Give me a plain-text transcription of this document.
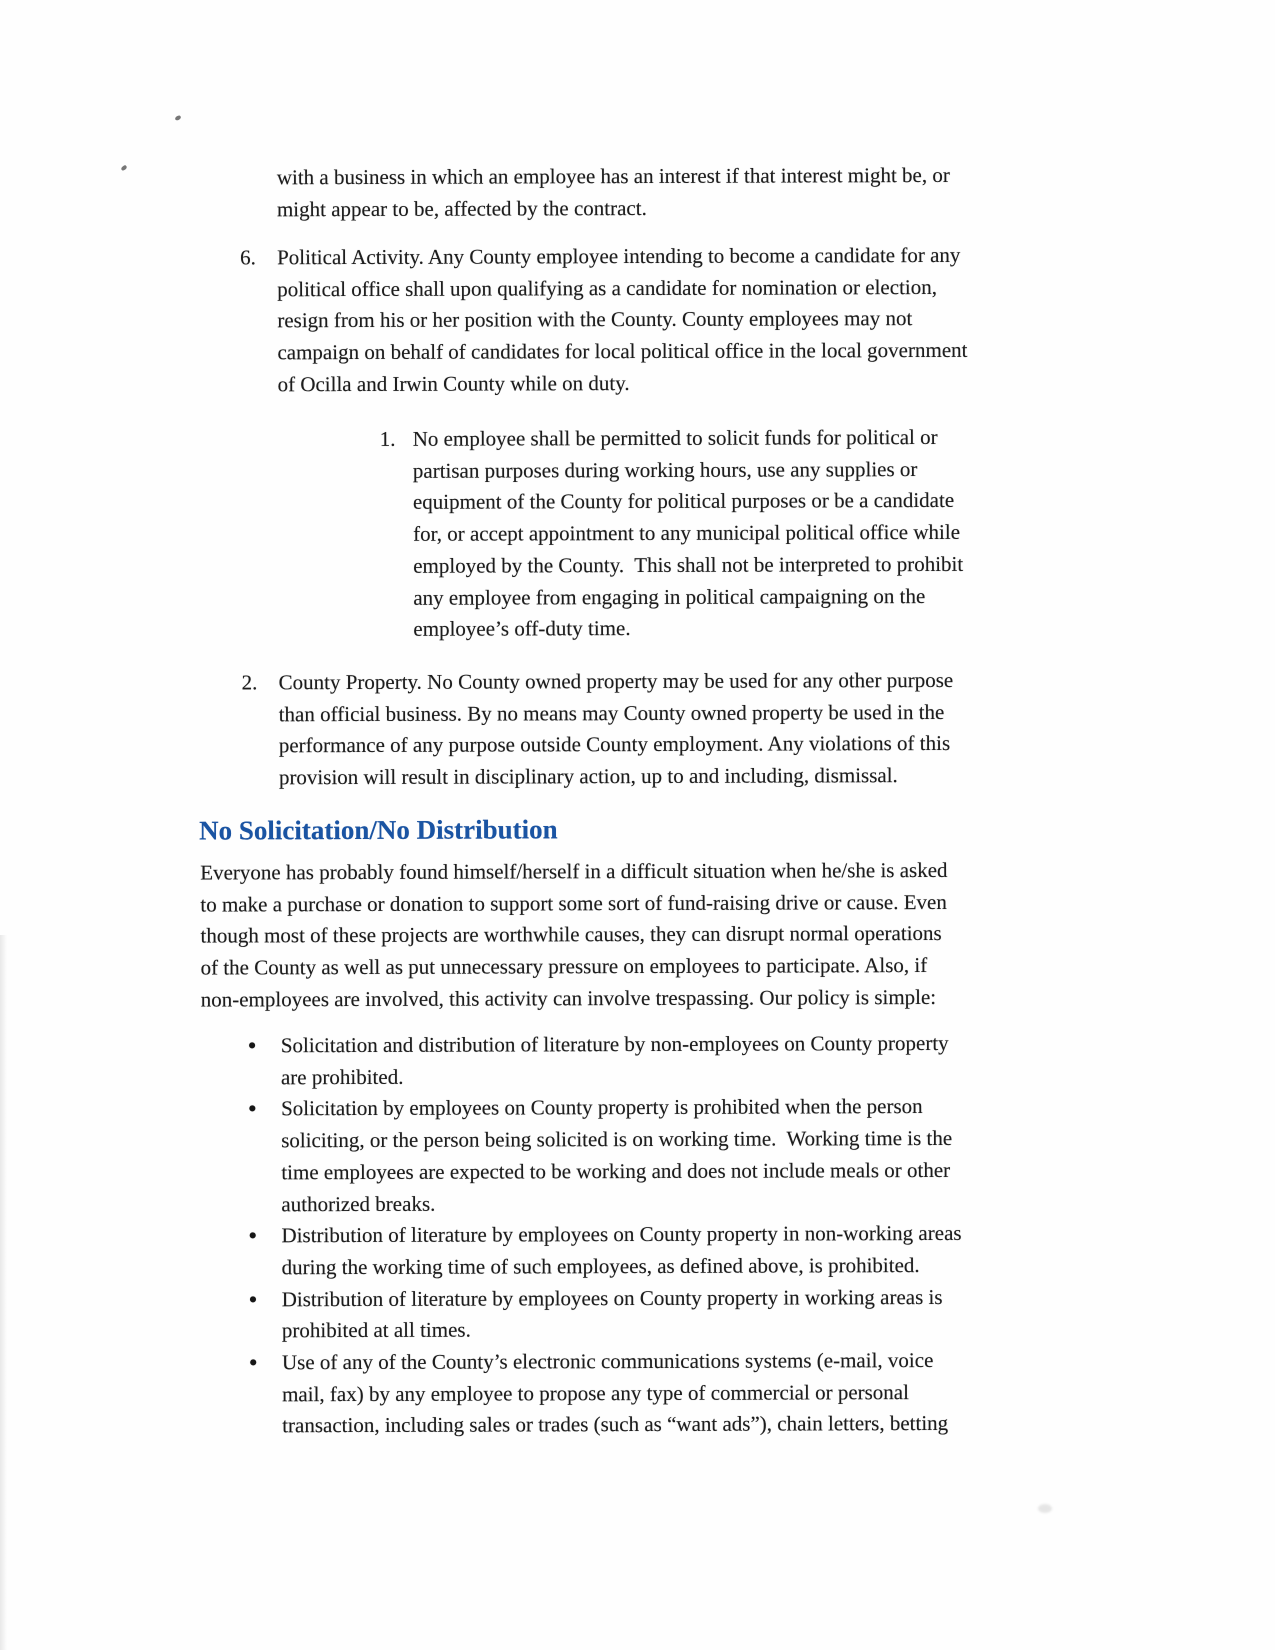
with a business in which an employee has an interest if that interest might be, or
might appear to be, affected by the contract.
6. Political Activity. Any County employee intending to become a candidate for any
political office shall upon qualifying as a candidate for nomination or election,
resign from his or her position with the County. County employees may not
campaign on behalf of candidates for local political office in the local government
of Ocilla and Irwin County while on duty.
1. No employee shall be permitted to solicit funds for political or
partisan purposes during working hours, use any supplies or
equipment of the County for political purposes or be a candidate
for, or accept appointment to any municipal political office while
employed by the County.  This shall not be interpreted to prohibit
any employee from engaging in political campaigning on the
employee’s off-duty time.
2. County Property. No County owned property may be used for any other purpose
than official business. By no means may County owned property be used in the
performance of any purpose outside County employment. Any violations of this
provision will result in disciplinary action, up to and including, dismissal.
No Solicitation/No Distribution
Everyone has probably found himself/herself in a difficult situation when he/she is asked
to make a purchase or donation to support some sort of fund-raising drive or cause. Even
though most of these projects are worthwhile causes, they can disrupt normal operations
of the County as well as put unnecessary pressure on employees to participate. Also, if
non-employees are involved, this activity can involve trespassing. Our policy is simple:
●	Solicitation and distribution of literature by non-employees on County property
are prohibited.
●	Solicitation by employees on County property is prohibited when the person
soliciting, or the person being solicited is on working time.  Working time is the
time employees are expected to be working and does not include meals or other
authorized breaks.
●	Distribution of literature by employees on County property in non-working areas
during the working time of such employees, as defined above, is prohibited.
●	Distribution of literature by employees on County property in working areas is
prohibited at all times.
●	Use of any of the County’s electronic communications systems (e-mail, voice
mail, fax) by any employee to propose any type of commercial or personal
transaction, including sales or trades (such as “want ads”), chain letters, betting
